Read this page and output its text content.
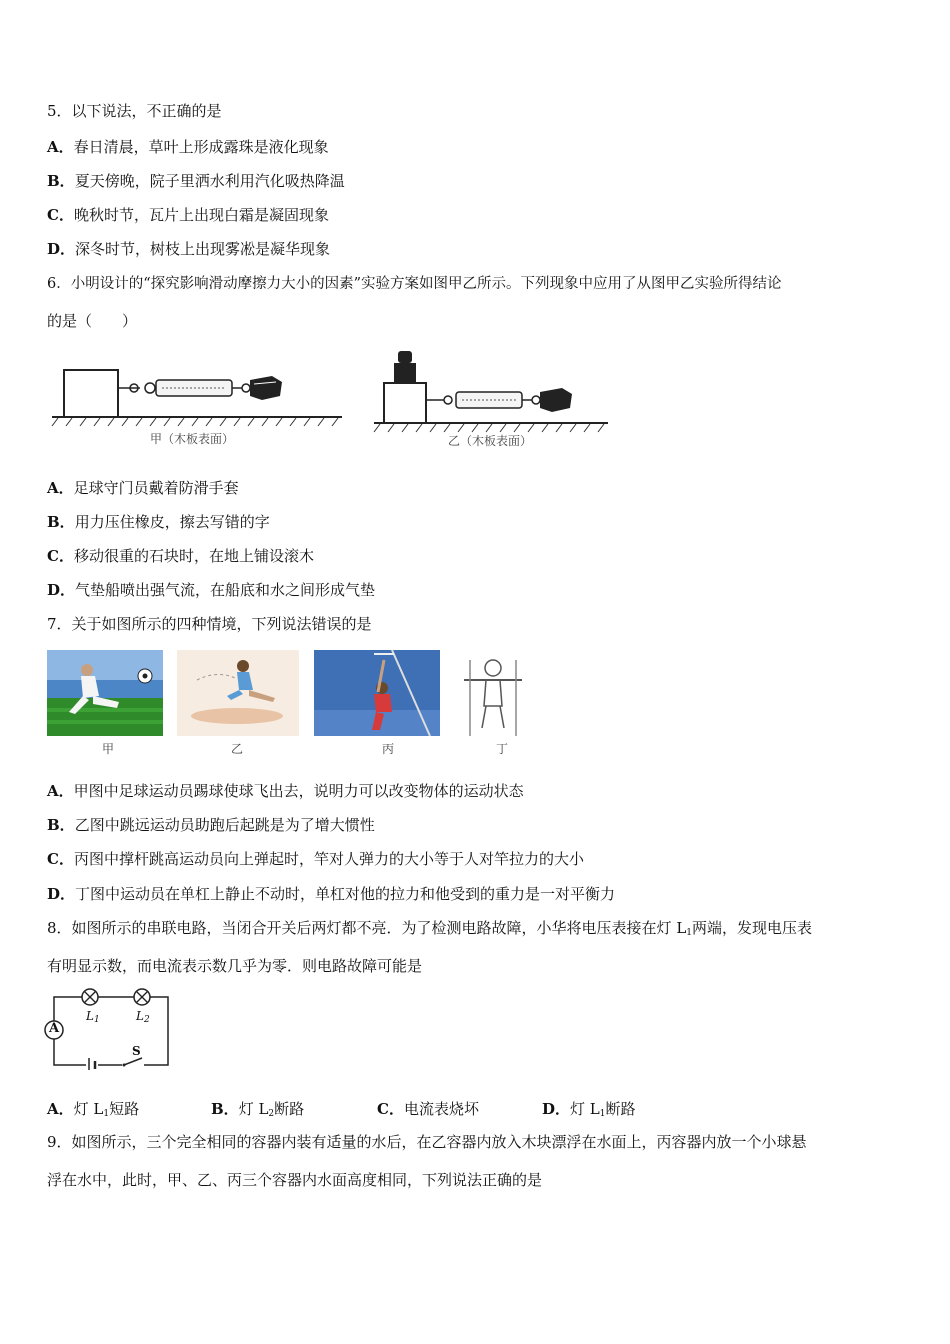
5．以下说法，不正确的是
A．春日清晨，草叶上形成露珠是液化现象
B．夏天傍晚，院子里洒水利用汽化吸热降温
C．晚秋时节，瓦片上出现白霜是凝固现象
D．深冬时节，树枝上出现雾凇是凝华现象
6．小明设计的“探究影响滑动摩擦力大小的因素”实验方案如图甲乙所示。下列现象中应用了从图甲乙实验所得结论
的是（　　）
甲（木板表面）	乙（木板表面）
A．足球守门员戴着防滑手套
B．用力压住橡皮，擦去写错的字
C．移动很重的石块时，在地上铺设滚木
D．气垫船喷出强气流，在船底和水之间形成气垫
7．关于如图所示的四种情境，下列说法错误的是
甲	乙	丙	丁
A．甲图中足球运动员踢球使球飞出去，说明力可以改变物体的运动状态
B．乙图中跳远运动员助跑后起跳是为了增大惯性
C．丙图中撑杆跳高运动员向上弹起时，竿对人弹力的大小等于人对竿拉力的大小
D．丁图中运动员在单杠上静止不动时，单杠对他的拉力和他受到的重力是一对平衡力
8．如图所示的串联电路，当闭合开关后两灯都不亮．为了检测电路故障，小华将电压表接在灯 $L_1$两端，发现电压表
有明显示数，而电流表示数几乎为零．则电路故障可能是
A
$L_1$	$L_2$
S
A．灯 $L_1$短路	B．灯 $L_2$断路	C．电流表烧坏	D．灯 $L_1$断路
9．如图所示，三个完全相同的容器内装有适量的水后，在乙容器内放入木块漂浮在水面上，丙容器内放一个小球悬
浮在水中，此时，甲、乙、丙三个容器内水面高度相同，下列说法正确的是
